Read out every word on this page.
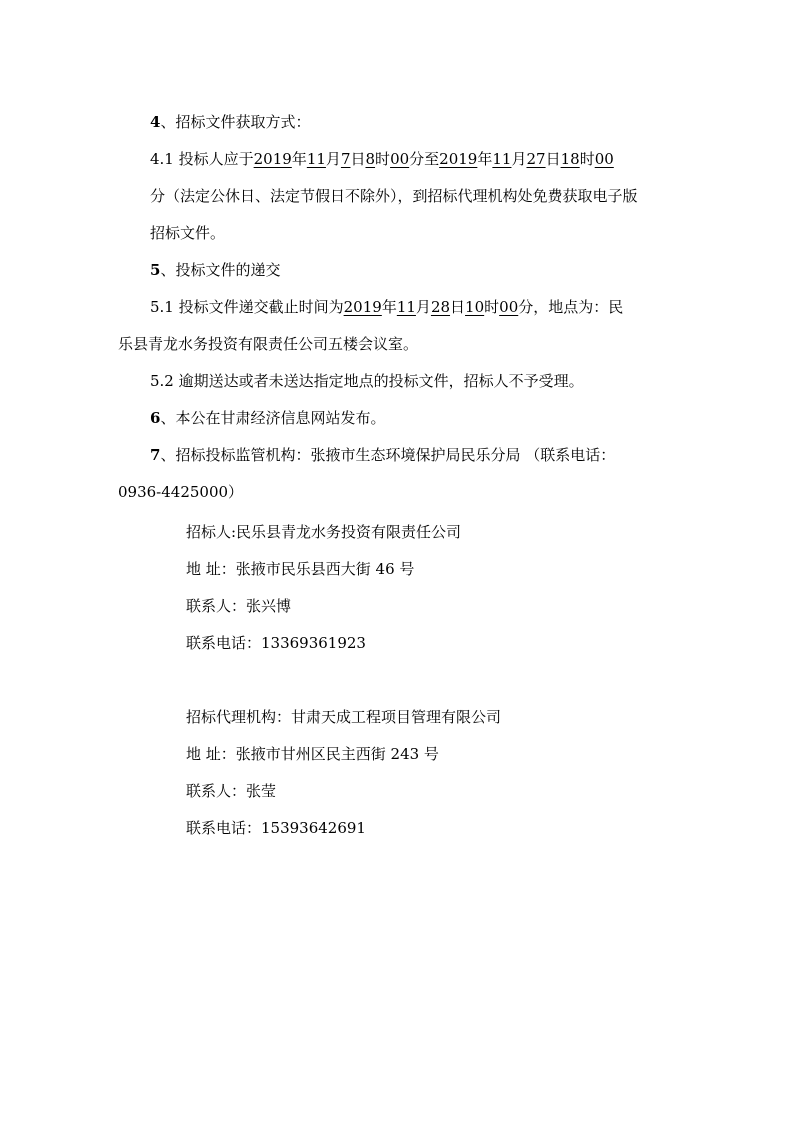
4、招标文件获取方式：
4.1 投标人应于2019年11月7日8时00分至2019年11月27日18时00
分（法定公休日、法定节假日不除外），到招标代理机构处免费获取电子版
招标文件。
5、投标文件的递交
5.1 投标文件递交截止时间为2019年11月28日10时00分，地点为：民
乐县青龙水务投资有限责任公司五楼会议室。
5.2 逾期送达或者未送达指定地点的投标文件，招标人不予受理。
6、本公在甘肃经济信息网站发布。
7、招标投标监管机构：张掖市生态环境保护局民乐分局 （联系电话：
0936-4425000）
招标人:民乐县青龙水务投资有限责任公司
地 址：张掖市民乐县西大街 46 号
联系人：张兴博
联系电话：13369361923
招标代理机构：甘肃天成工程项目管理有限公司
地 址：张掖市甘州区民主西街 243 号
联系人：张莹
联系电话：15393642691
